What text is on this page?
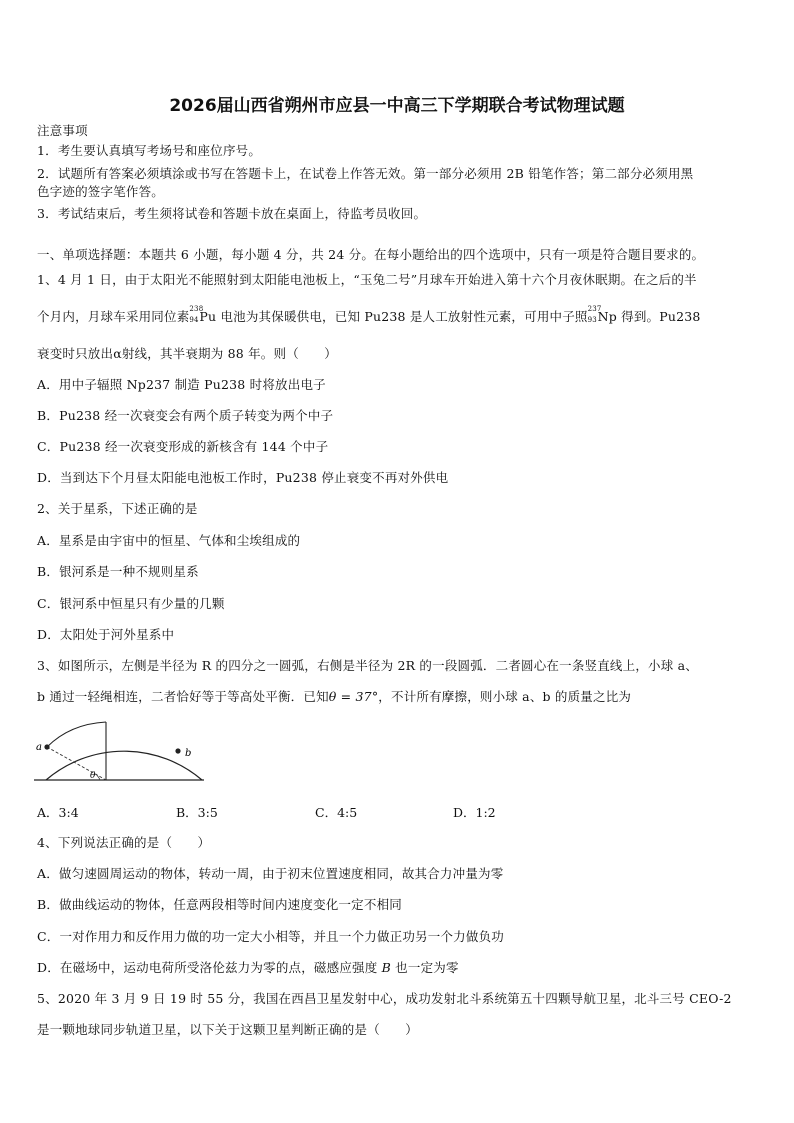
2026届山西省朔州市应县一中高三下学期联合考试物理试题
注意事项
1．考生要认真填写考场号和座位序号。
2．试题所有答案必须填涂或书写在答题卡上，在试卷上作答无效。第一部分必须用 2B 铅笔作答；第二部分必须用黑
色字迹的签字笔作答。
3．考试结束后，考生须将试卷和答题卡放在桌面上，待监考员收回。
一、单项选择题：本题共 6 小题，每小题 4 分，共 24 分。在每小题给出的四个选项中，只有一项是符合题目要求的。
1、4 月 1 日，由于太阳光不能照射到太阳能电池板上，“玉兔二号”月球车开始进入第十六个月夜休眠期。在之后的半
个月内，月球车采用同位素 238
94 Pu 电池为其保暖供电，已知 Pu238 是人工放射性元素，可用中子照 237
93 Np 得到。Pu238
衰变时只放出α射线，其半衰期为 88 年。则（　　）
A．用中子辐照 Np237 制造 Pu238 时将放出电子
B．Pu238 经一次衰变会有两个质子转变为两个中子
C．Pu238 经一次衰变形成的新核含有 144 个中子
D．当到达下个月昼太阳能电池板工作时，Pu238 停止衰变不再对外供电
2、关于星系，下述正确的是
A．星系是由宇宙中的恒星、气体和尘埃组成的
B．银河系是一种不规则星系
C．银河系中恒星只有少量的几颗
D．太阳处于河外星系中
3、如图所示，左侧是半径为 R 的四分之一圆弧，右侧是半径为 2R 的一段圆弧．二者圆心在一条竖直线上，小球 a、
b 通过一轻绳相连，二者恰好等于等高处平衡．已知θ = 37°，不计所有摩擦，则小球 a、b 的质量之比为
a
b
θ
A．3:4	B．3:5	C．4:5	D．1:2
4、下列说法正确的是（　　）
A．做匀速圆周运动的物体，转动一周，由于初末位置速度相同，故其合力冲量为零
B．做曲线运动的物体，任意两段相等时间内速度变化一定不相同
C．一对作用力和反作用力做的功一定大小相等，并且一个力做正功另一个力做负功
D．在磁场中，运动电荷所受洛伦兹力为零的点，磁感应强度 B 也一定为零
5、2020 年 3 月 9 日 19 时 55 分，我国在西昌卫星发射中心，成功发射北斗系统第五十四颗导航卫星，北斗三号 CEO-2
是一颗地球同步轨道卫星，以下关于这颗卫星判断正确的是（　　）
